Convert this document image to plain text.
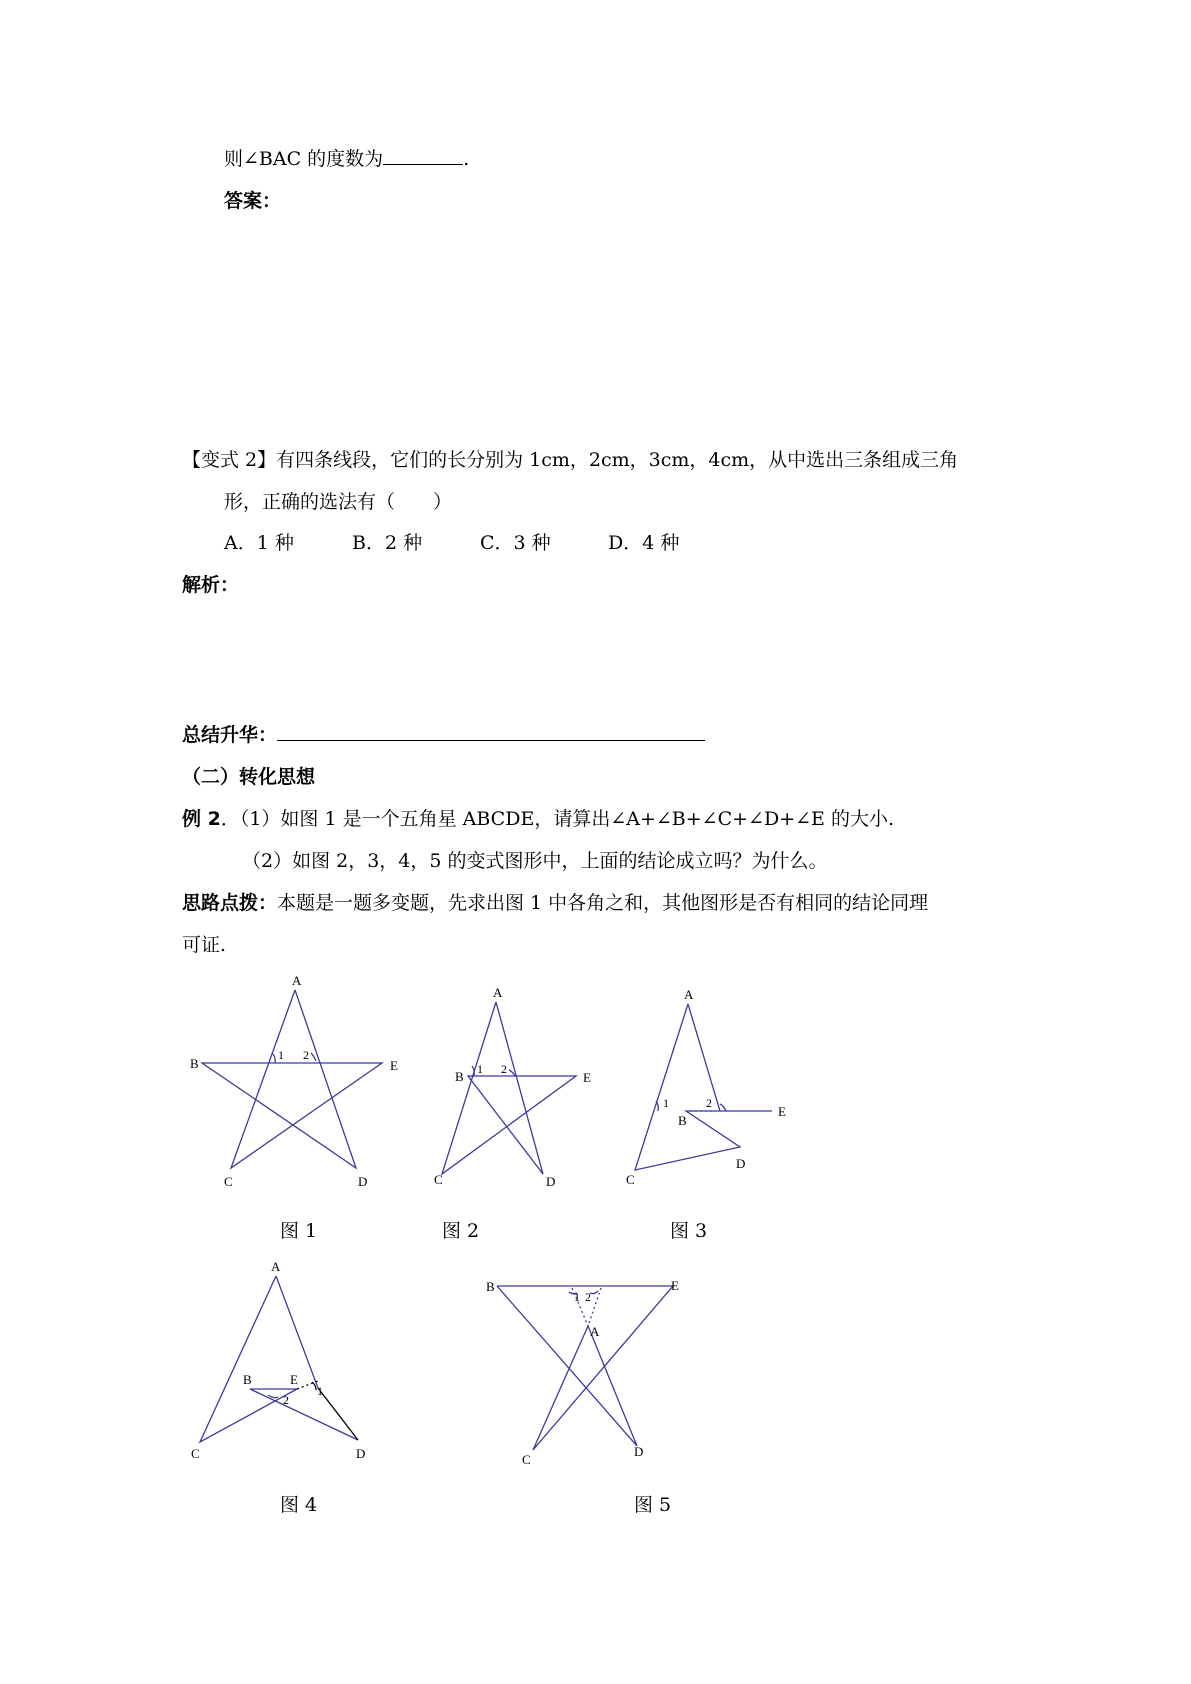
则∠BAC 的度数为	.
答案：
【变式 2】有四条线段，它们的长分别为 1cm，2cm，3cm，4cm，从中选出三条组成三角
形，正确的选法有（　　）
A．1 种	B．2 种	C．3 种	D．4 种
解析：
总结升华：
（二）转化思想
例 2．（1）如图 1 是一个五角星 ABCDE，请算出∠A+∠B+∠C+∠D+∠E 的大小.
（2）如图 2，3，4，5 的变式图形中，上面的结论成立吗？为什么。
思路点拨：本题是一题多变题，先求出图 1 中各角之和，其他图形是否有相同的结论同理
可证.
A
B	E
C	D
1 2
A
B	E
C	D
1 2
A
B
E
C
D
1	2
A
B	E
C	D
1
2
B	E
A
C
D
1 2
图 1	图 2	图 3
图 4	图 5
